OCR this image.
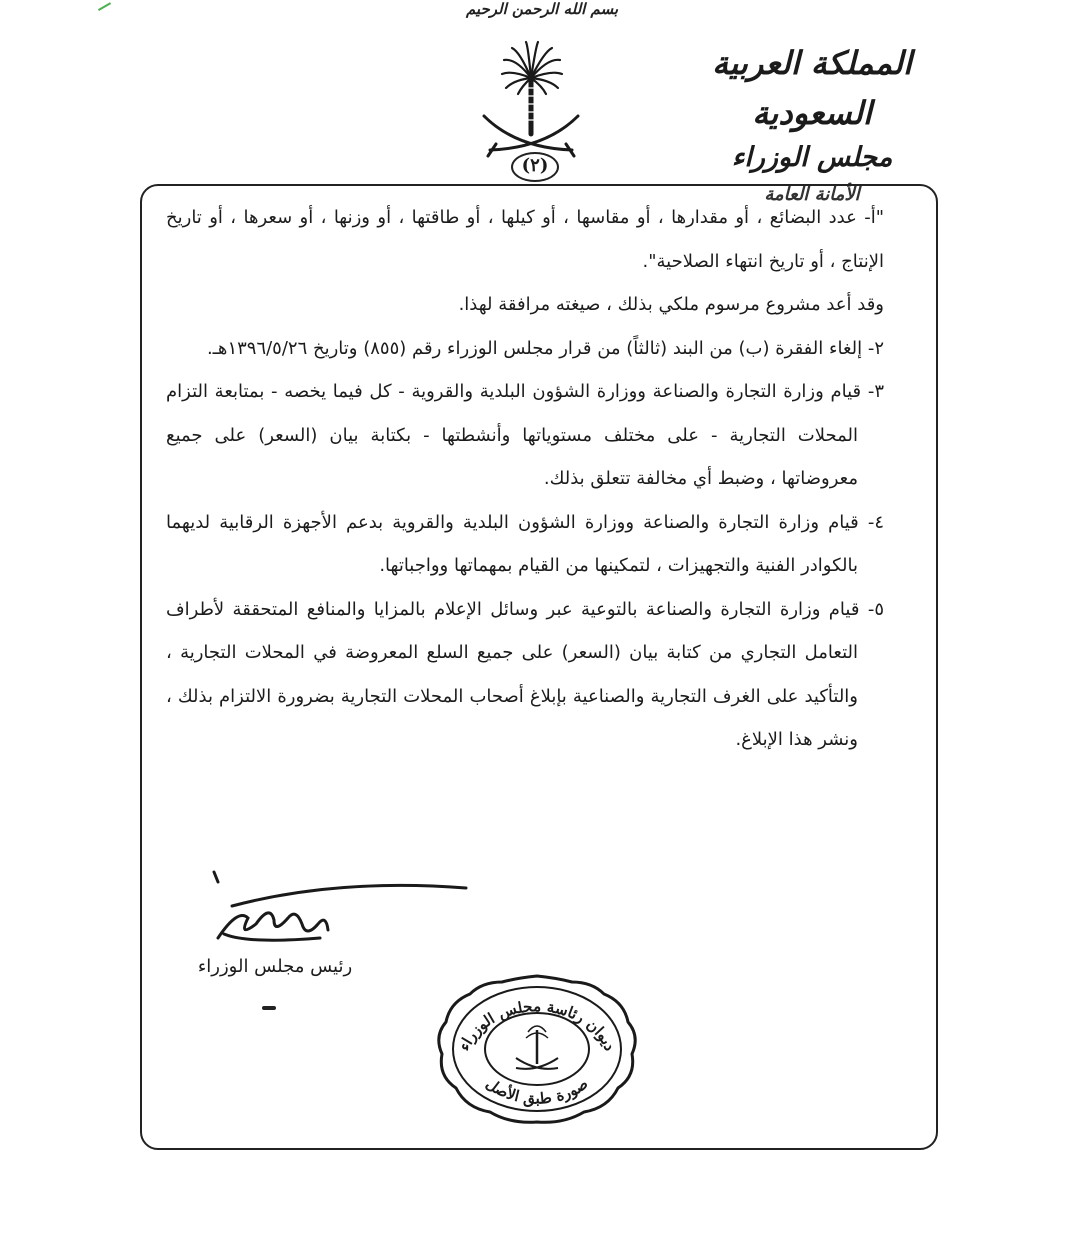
بسم الله الرحمن الرحيم
(٢)
المملكة العربية السعودية
مجلس الوزراء
الأمانة العامة

"أ- عدد البضائع ، أو مقدارها ، أو مقاسها ، أو كيلها ، أو طاقتها ، أو وزنها ، أو سعرها ، أو تاريخ الإنتاج ، أو تاريخ انتهاء الصلاحية".

وقد أعد مشروع مرسوم ملكي بذلك ، صيغته مرافقة لهذا.

٢- إلغاء الفقرة (ب) من البند (ثالثاً) من قرار مجلس الوزراء رقم (٨٥٥) وتاريخ ١٣٩٦/٥/٢٦هـ.

٣- قيام وزارة التجارة والصناعة ووزارة الشؤون البلدية والقروية - كل فيما يخصه - بمتابعة التزام المحلات التجارية - على مختلف مستوياتها وأنشطتها - بكتابة بيان (السعر) على جميع معروضاتها ، وضبط أي مخالفة تتعلق بذلك.

٤- قيام وزارة التجارة والصناعة ووزارة الشؤون البلدية والقروية بدعم الأجهزة الرقابية لديهما بالكوادر الفنية والتجهيزات ، لتمكينها من القيام بمهماتها وواجباتها.

٥- قيام وزارة التجارة والصناعة بالتوعية عبر وسائل الإعلام بالمزايا والمنافع المتحققة لأطراف التعامل التجاري من كتابة بيان (السعر) على جميع السلع المعروضة في المحلات التجارية ، والتأكيد على الغرف التجارية والصناعية بإبلاغ أصحاب المحلات التجارية بضرورة الالتزام بذلك ، ونشر هذا الإبلاغ.

رئيس مجلس الوزراء
ديوان رئاسة مجلس الوزراء
صورة طبق الأصل
